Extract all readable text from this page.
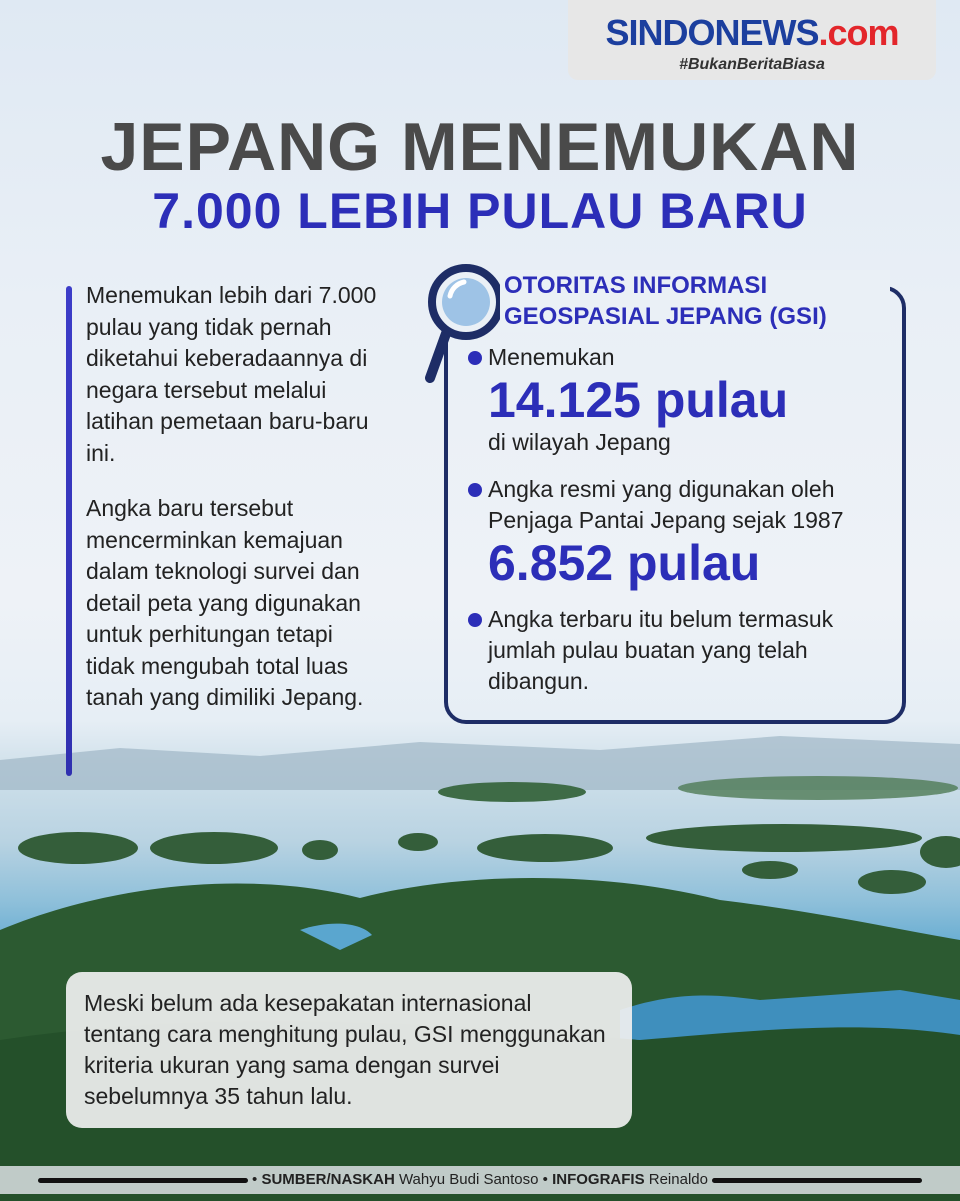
SINDONEWS.com
#BukanBeritaBiasa
JEPANG MENEMUKAN
7.000 LEBIH PULAU BARU

Menemukan lebih dari 7.000 pulau yang tidak pernah diketahui keberadaannya di negara tersebut melalui latihan pemetaan baru-baru ini.

Angka baru tersebut mencerminkan kemajuan dalam teknologi survei dan detail peta yang digunakan untuk perhitungan tetapi tidak mengubah total luas tanah yang dimiliki Jepang.

OTORITAS INFORMASI
GEOSPASIAL JEPANG (GSI)
Menemukan
14.125 pulau
di wilayah Jepang
Angka resmi yang digunakan oleh Penjaga Pantai Jepang sejak 1987
6.852 pulau
Angka terbaru itu belum termasuk jumlah pulau buatan yang telah dibangun.
Meski belum ada kesepakatan internasional tentang cara menghitung pulau, GSI menggunakan kriteria ukuran yang sama dengan survei sebelumnya 35 tahun lalu.
• SUMBER/NASKAH Wahyu Budi Santoso • INFOGRAFIS Reinaldo
